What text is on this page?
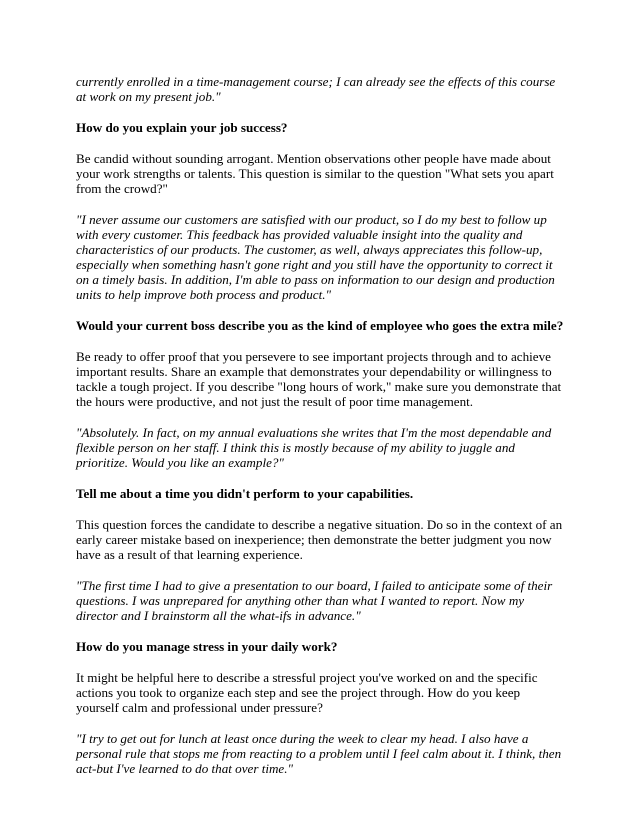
currently enrolled in a time-management course; I can already see the effects of this course at work on my present job."

How do you explain your job success?

Be candid without sounding arrogant. Mention observations other people have made about your work strengths or talents. This question is similar to the question "What sets you apart from the crowd?"

"I never assume our customers are satisfied with our product, so I do my best to follow up with every customer. This feedback has provided valuable insight into the quality and characteristics of our products. The customer, as well, always appreciates this follow-up, especially when something hasn't gone right and you still have the opportunity to correct it on a timely basis. In addition, I'm able to pass on information to our design and production units to help improve both process and product."

Would your current boss describe you as the kind of employee who goes the extra mile?

Be ready to offer proof that you persevere to see important projects through and to achieve important results. Share an example that demonstrates your dependability or willingness to tackle a tough project. If you describe "long hours of work," make sure you demonstrate that the hours were productive, and not just the result of poor time management.

"Absolutely. In fact, on my annual evaluations she writes that I'm the most dependable and flexible person on her staff. I think this is mostly because of my ability to juggle and prioritize. Would you like an example?"

Tell me about a time you didn't perform to your capabilities.

This question forces the candidate to describe a negative situation. Do so in the context of an early career mistake based on inexperience; then demonstrate the better judgment you now have as a result of that learning experience.

"The first time I had to give a presentation to our board, I failed to anticipate some of their questions. I was unprepared for anything other than what I wanted to report. Now my director and I brainstorm all the what-ifs in advance."

How do you manage stress in your daily work?

It might be helpful here to describe a stressful project you've worked on and the specific actions you took to organize each step and see the project through. How do you keep yourself calm and professional under pressure?

"I try to get out for lunch at least once during the week to clear my head. I also have a personal rule that stops me from reacting to a problem until I feel calm about it. I think, then act-but I've learned to do that over time."
